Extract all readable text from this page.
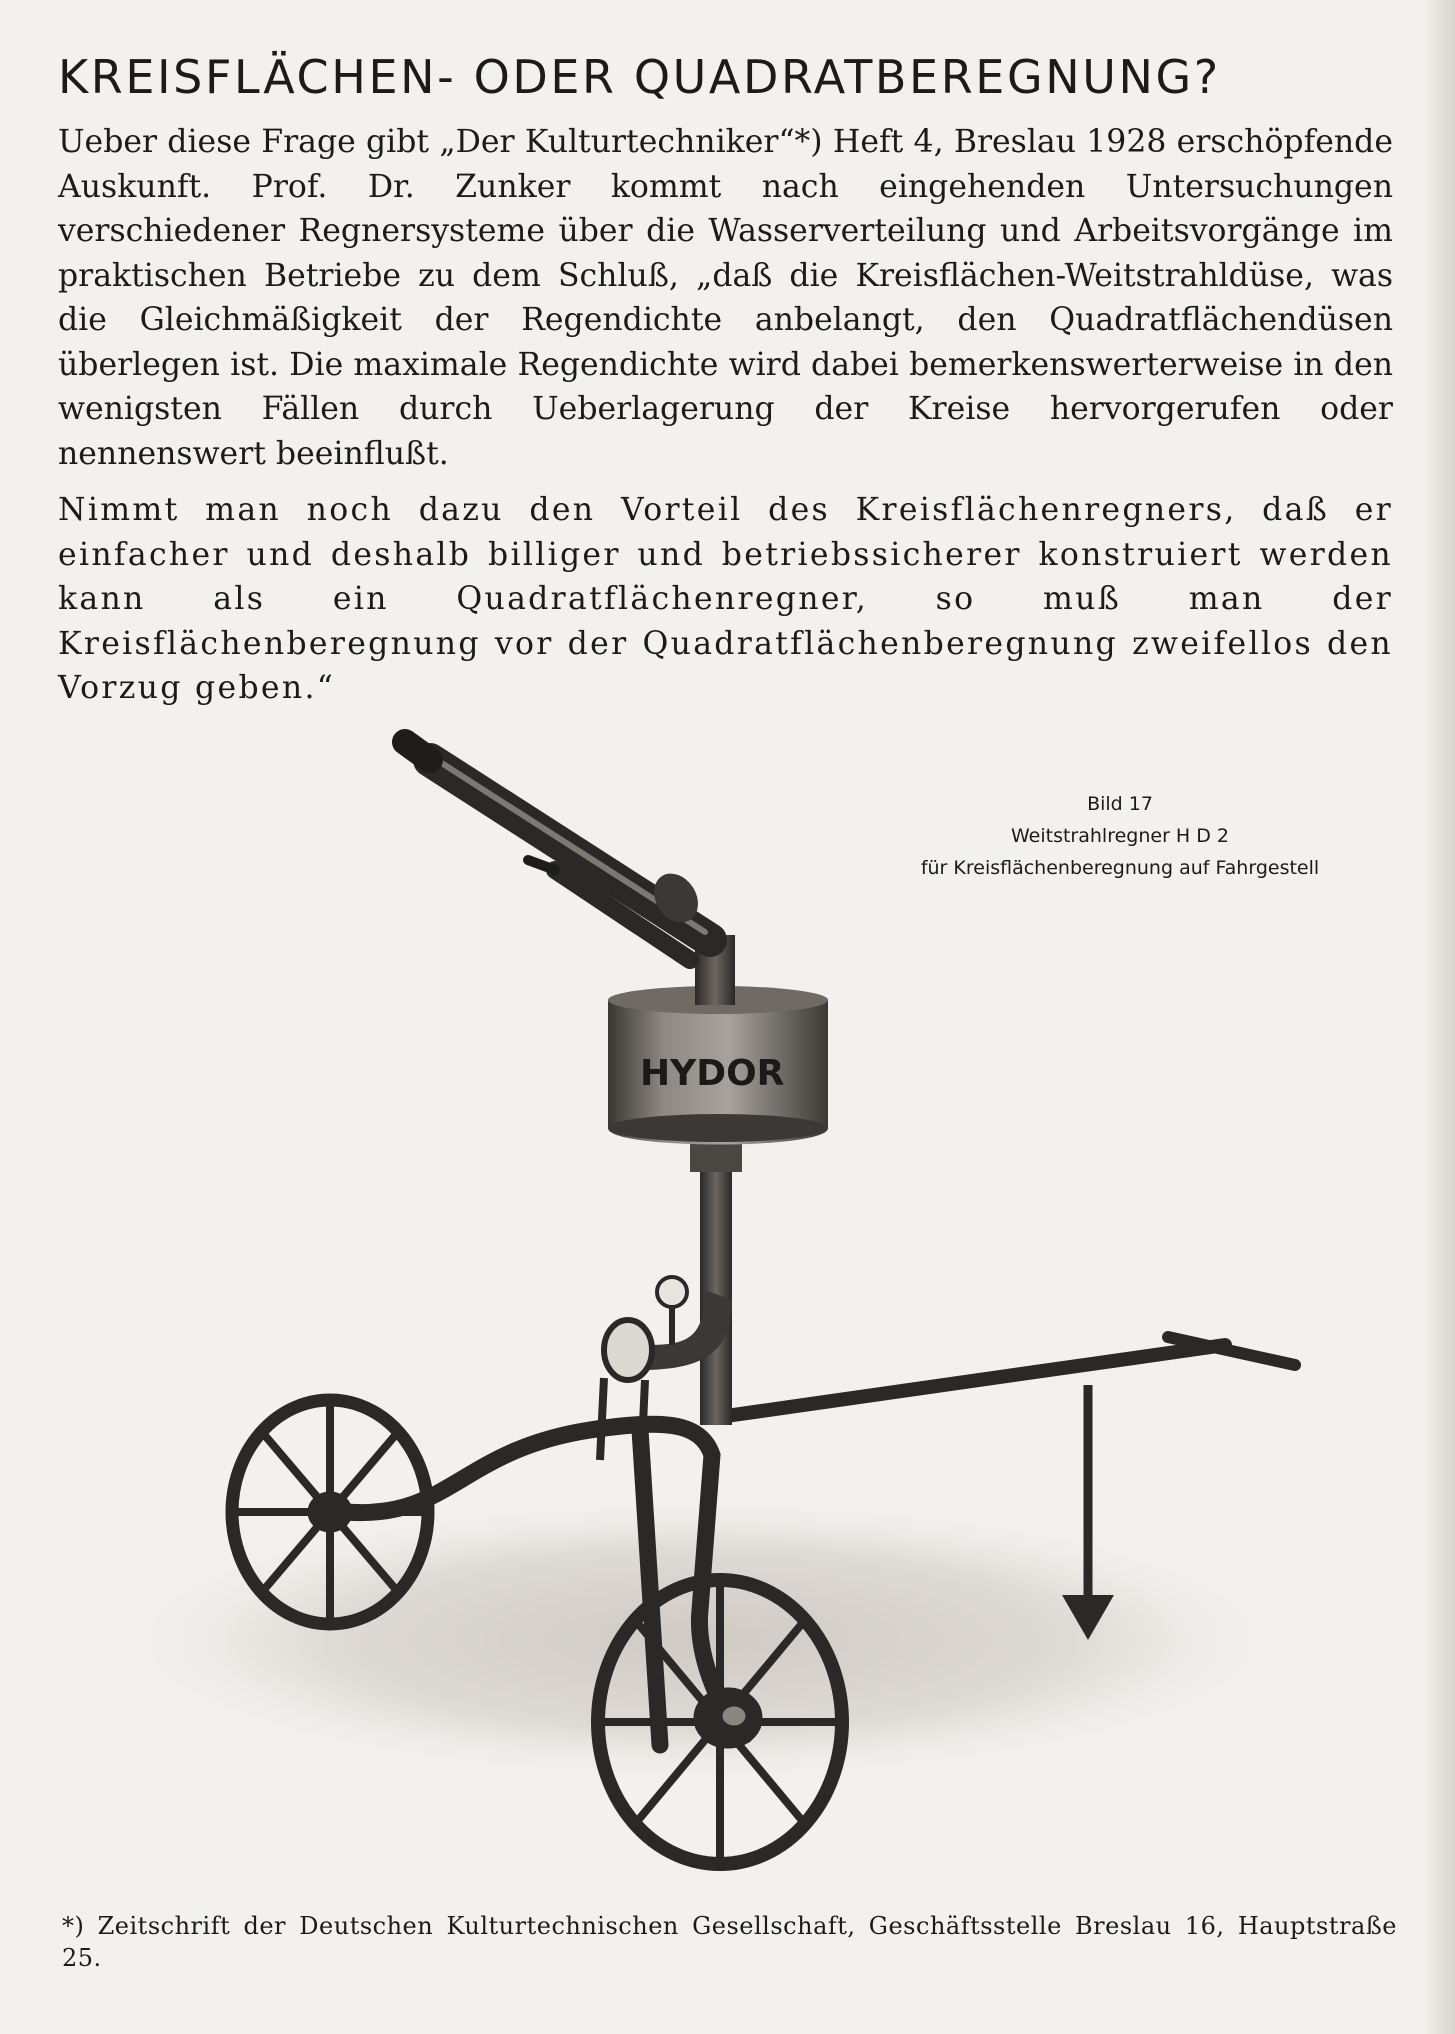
KREISFLÄCHEN- ODER QUADRATBEREGNUNG?

Ueber diese Frage gibt „Der Kulturtechniker“*) Heft 4, Breslau 1928 erschöpfende Auskunft. Prof. Dr. Zunker kommt nach eingehenden Untersuchungen verschiedener Regnersysteme über die Wasserverteilung und Arbeitsvorgänge im praktischen Betriebe zu dem Schluß, „daß die Kreisflächen-Weitstrahldüse, was die Gleichmäßigkeit der Regendichte anbelangt, den Quadratflächendüsen überlegen ist. Die maximale Regendichte wird dabei bemerkenswerterweise in den wenigsten Fällen durch Ueberlagerung der Kreise hervorgerufen oder nennenswert beeinflußt.

Nimmt man noch dazu den Vorteil des Kreisflächenregners, daß er einfacher und deshalb billiger und betriebssicherer konstruiert werden kann als ein Quadratflächenregner, so muß man der Kreisflächenberegnung vor der Quadratflächenberegnung zweifellos den Vorzug geben.“

Bild 17
Weitstrahlregner H D 2
für Kreisflächenberegnung auf Fahrgestell
HYDOR

*) Zeitschrift der Deutschen Kulturtechnischen Gesellschaft, Geschäftsstelle Breslau 16, Hauptstraße 25.
